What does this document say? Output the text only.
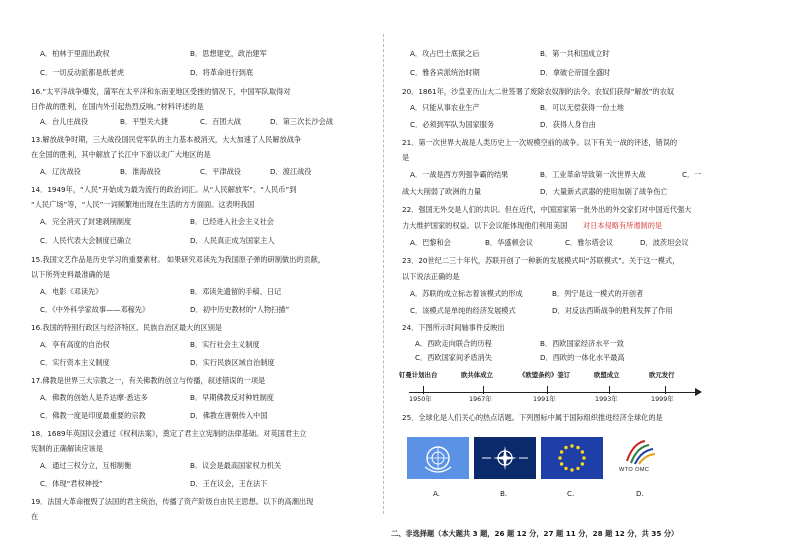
A．柏林于里面出政权	B．思想建党，政治建军
C．一切反动派都是纸老虎	D．将革命进行到底
16.“太平洋战争爆发，蒲军在太平洋和东南亚地区受挫的情况下，中国军队取得对
日作战的胜利，在国内外引起热烈反响。”材料评述的是
A．台儿庄战役	B．平型关大捷	C．百团大战	D．第三次长沙会战
13.解放战争时期，三大战役国民党军队的主力基本被消灭，大大加速了人民解放战争
在全国的胜利，其中解放了长江中下游以北广大地区的是
A．辽沈战役	B．淮海战役	C．平津战役	D．渡江战役
14．1949年，“人民”开始成为最为流行的政治词汇。从“人民解放军”、“人民币”到
“人民广场”等，“人民”一词频繁地出现在生活的方方面面。这表明我国
A．完全消灭了封建剥削制度	B．已经进入社会主义社会
C．人民代表大会制度已确立	D．人民真正成为国家主人
15.我国文艺作品是历史学习的重要素材。 如果研究邓读先为我国原子弹的研制做出的贡献，
以下所列史料最准确的是
A．电影《邓读先》	B．邓读先遗留的手稿、日记
C．《中外科学家故事——邓稼先》	D．初中历史教材的“人物扫描”
16.我国的特别行政区与经济特区、民族自治区最大的区别是
A．享有高度的自治权	B．实行社会主义制度
C．实行资本主义制度	D．实行民族区域自治制度
17.佛教是世界三大宗教之一，有关佛教的创立与传播，叙述错误的一项是
A．佛教的创始人是乔达摩·悉达多	B．早期佛教反对种姓制度
C．佛教一度是印度最重要的宗教	D．佛教在唐朝传入中国
18．1689年英国议会通过《权利法案》，奠定了君主立宪制的法律基础。对英国君主立
宪制的正确解读应该是
A．通过三权分立，互相制衡	B．议会是最高国家权力机关
C．体现“君权神授”	D．王在议会，王在法下
19．法国大革命摧毁了法国的君主统治，传播了资产阶级自由民主思想。以下的高潮出现
在
A．攻占巴士底狱之后	B．第一共和国成立时
C．雅各宾派统治时期	D．拿破仑帝国全盛时
20．1861年，沙皇亚历山大二世签署了废除农奴制的法令。农奴们获得“解放”的农奴
A．只能从事农业生产	B．可以无偿获得一份土地
C．必须到军队为国家服务	D．获得人身自由
21．第一次世界大战是人类历史上一次规模空前的战争。以下有关一战的评述，错误的
是
A．一战是西方列强争霸的结果	B．工业革命导致第一次世界大战	C．一
战大大削弱了欧洲的力量	D．大量新式武器的使用加剧了战争伤亡
22．强国无外交是人们的共识。但在近代，中国国家第一批外出的外交家们对中国近代强大
力大维护国家的权益。以下会议能体现他们利用美国 对日本侵略有所遏制的是
A．巴黎和会	B．华盛顿会议	C．雅尔塔会议	D．波茨坦会议
23．20世纪二三十年代，苏联开创了一种新的发展模式叫“苏联模式”。关于这一模式，
以下说法正确的是
A．苏联的成立标志着该模式的形成	B．列宁是这一模式的开创者
C．该模式是单纯的经济发展模式	D．对反法西斯战争的胜利发挥了作用
24．下图所示时间轴事件反映出
A．西欧走向联合的历程	B．西欧国家经济水平一致
C．西欧国家间矛盾消失	D．西欧的一体化水平最高
25．全球化是人们关心的热点话题。下列图标中属于国际组织推进经济全球化的是
二、非选择题（本大题共 3 题，26 题 12 分，27 题 11 分，28 题 12 分，共 35 分）
钉曼计划出台	欧共体成立	《欧盟条约》签订	欧盟成立	欧元发行
1950年	1967年	1991年	1993年	1999年
WTO OMC
A.	B.	C.	D.
